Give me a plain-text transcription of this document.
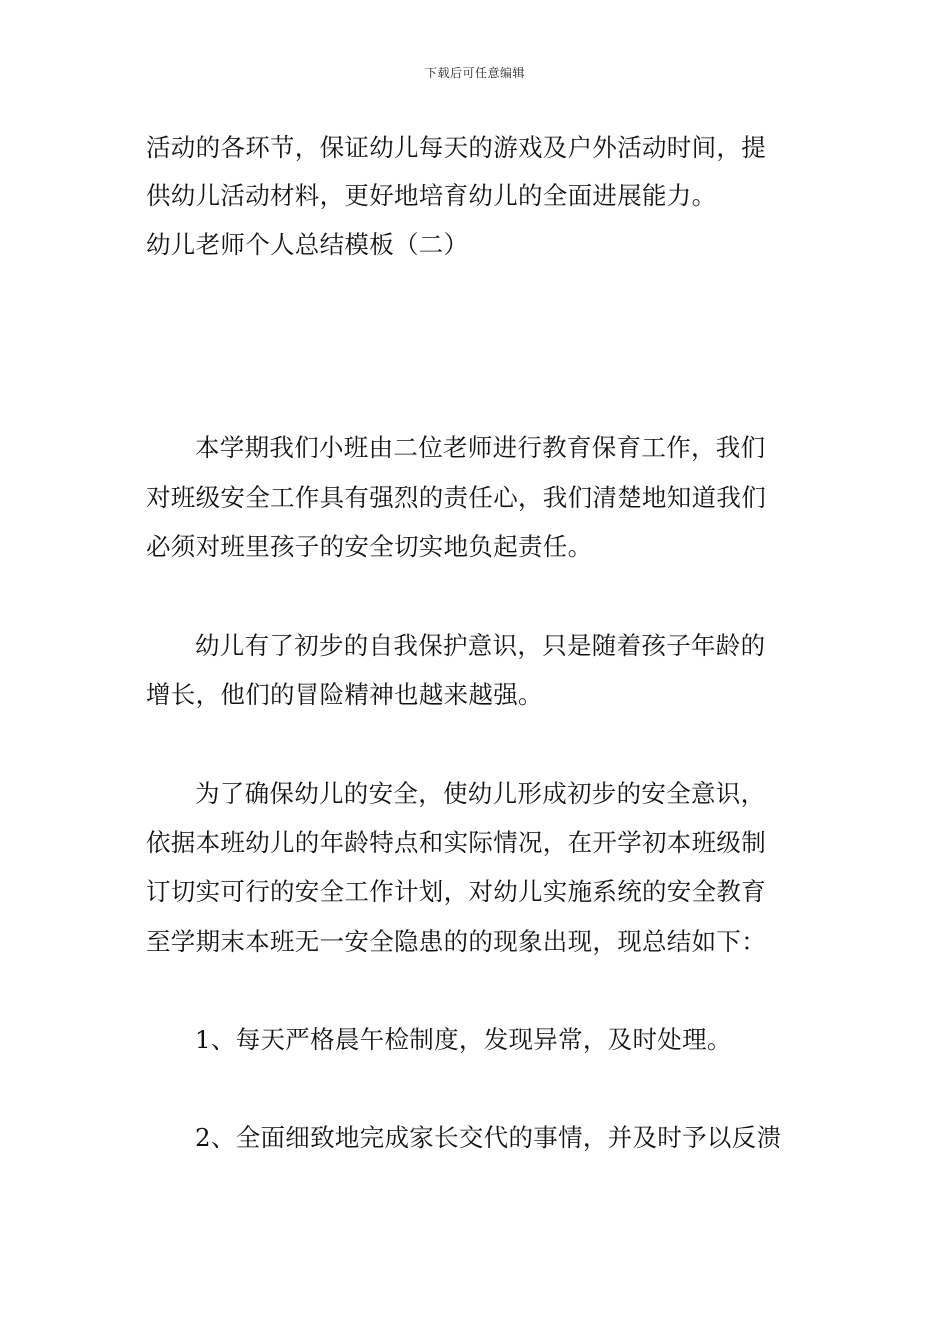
下载后可任意编辑
活动的各环节，保证幼儿每天的游戏及户外活动时间，提
供幼儿活动材料，更好地培育幼儿的全面进展能力。
幼儿老师个人总结模板（二）
本学期我们小班由二位老师进行教育保育工作，我们
对班级安全工作具有强烈的责任心，我们清楚地知道我们
必须对班里孩子的安全切实地负起责任。
幼儿有了初步的自我保护意识，只是随着孩子年龄的
增长，他们的冒险精神也越来越强。
为了确保幼儿的安全，使幼儿形成初步的安全意识，
依据本班幼儿的年龄特点和实际情况，在开学初本班级制
订切实可行的安全工作计划，对幼儿实施系统的安全教育
至学期末本班无一安全隐患的的现象出现，现总结如下：
1、每天严格晨午检制度，发现异常，及时处理。
2、全面细致地完成家长交代的事情，并及时予以反溃
